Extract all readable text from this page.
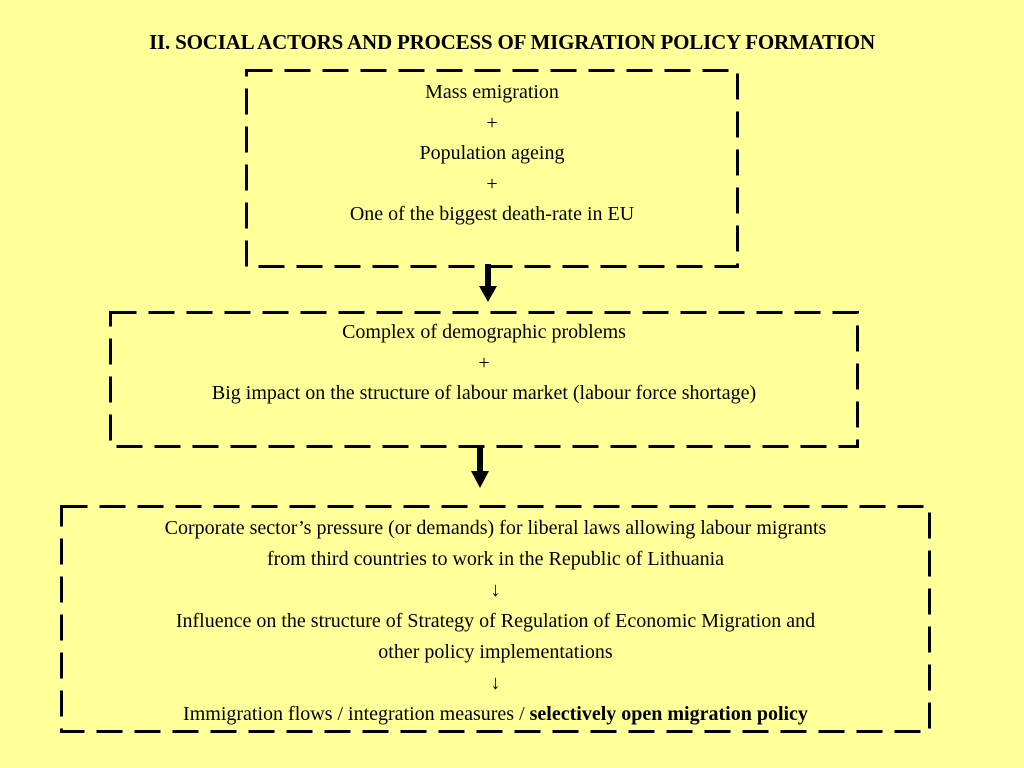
II. SOCIAL ACTORS AND PROCESS OF MIGRATION POLICY FORMATION
Mass emigration
+
Population ageing
+
One of the biggest death-rate in EU
Complex of demographic problems
+
Big impact on the structure of labour market (labour force shortage)
Corporate sector’s pressure (or demands) for liberal laws allowing labour migrants
from third countries to work in the Republic of Lithuania
↓
Influence on the structure of Strategy of Regulation of Economic Migration and
other policy implementations
↓
Immigration flows / integration measures / selectively open migration policy
